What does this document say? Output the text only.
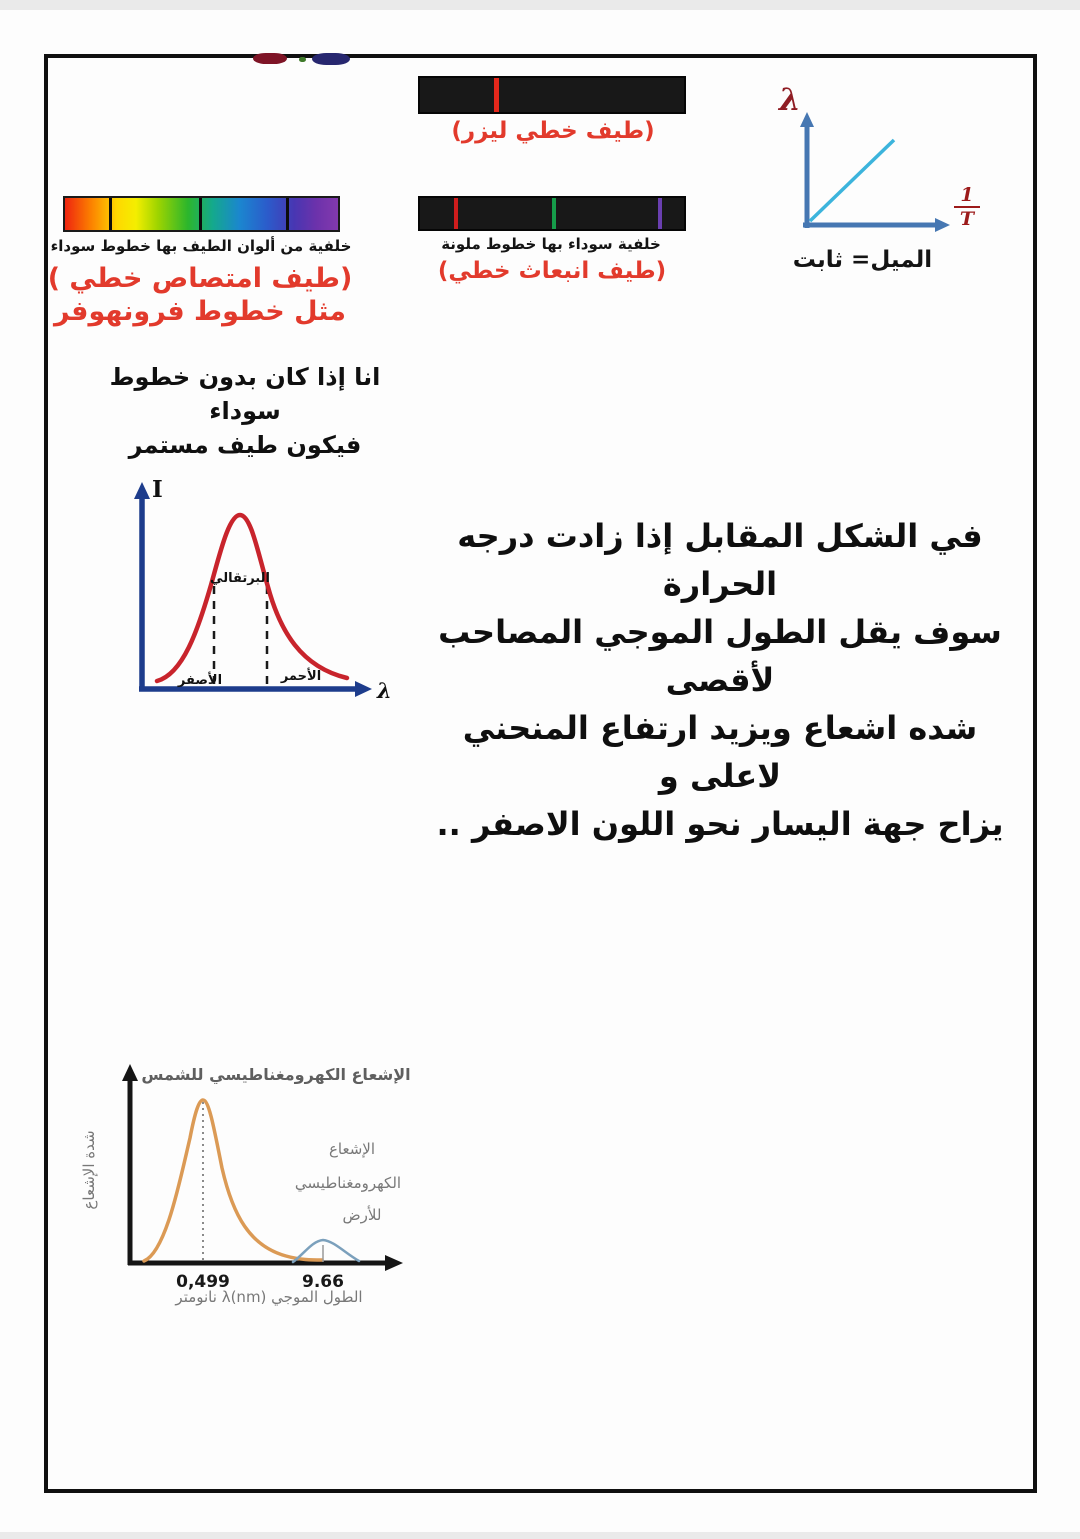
(طيف خطي ليزر)
λ
$\frac{1}{T}$
الميل= ثابت
خلفية من ألوان الطيف بها خطوط سوداء
(طيف امتصاص خطي )
مثل خطوط فرونهوفر
خلفية سوداء بها خطوط ملونة
(طيف انبعاث خطي)
انا إذا كان بدون خطوط سوداء
فيكون طيف مستمر
I
λ
البرتقالي
الأصفر	الأحمر
في الشكل المقابل إذا زادت درجه الحرارة
سوف يقل الطول الموجي المصاحب لأقصى
شده اشعاع ويزيد ارتفاع المنحني لاعلى و
يزاح جهة اليسار نحو اللون الاصفر ..
الإشعاع الكهرومغناطيسي للشمس
0,499	9.66
الإشعاع
الكهرومغناطيسي
للأرض
شدة الإشعاع
الطول الموجي λ(nm) نانومتر
